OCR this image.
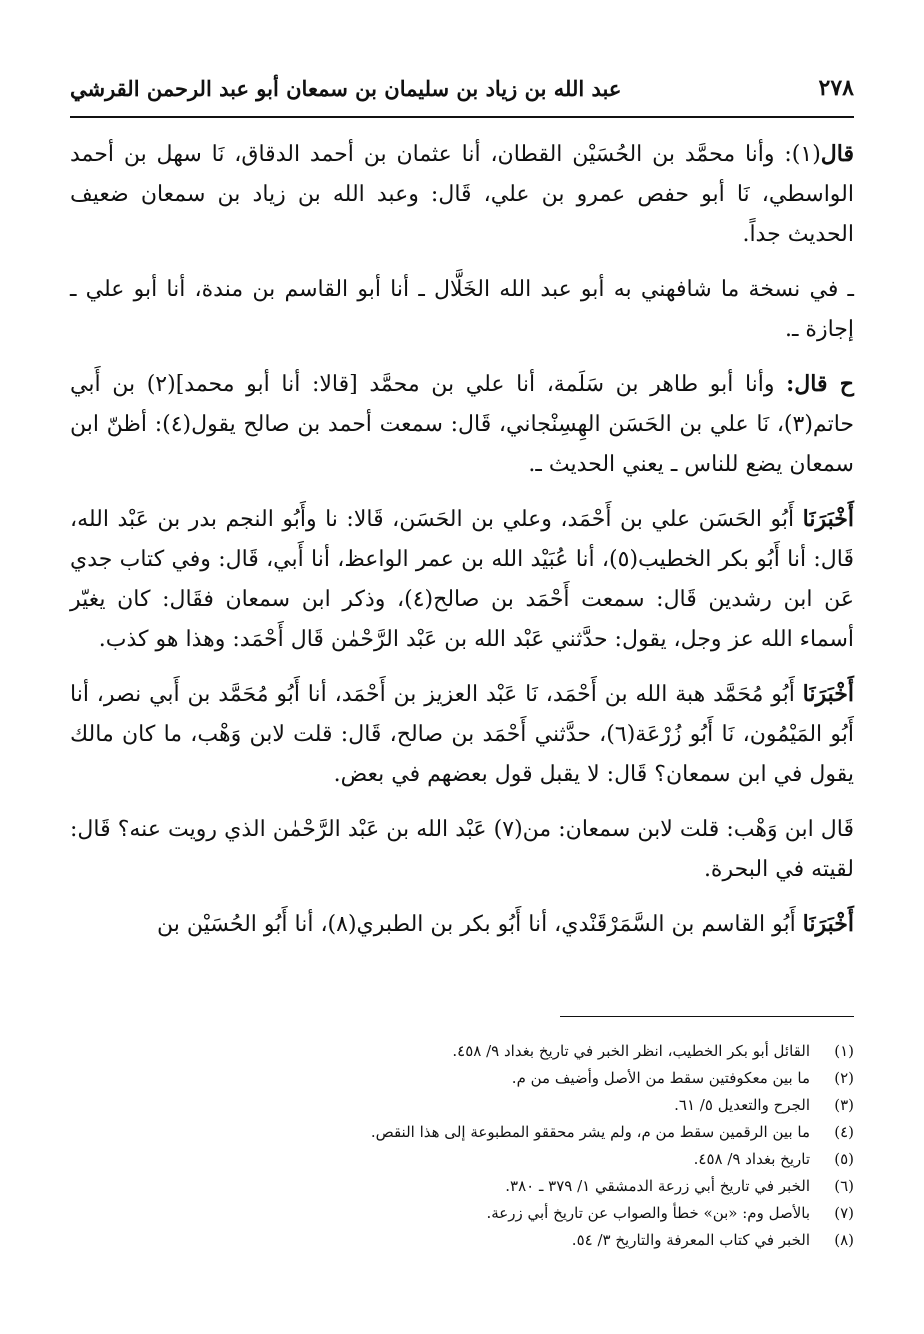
٢٧٨
عبد الله بن زياد بن سليمان بن سمعان أبو عبد الرحمن القرشي

قال(١): وأنا محمَّد بن الحُسَيْن القطان، أنا عثمان بن أحمد الدقاق، نَا سهل بن أحمد الواسطي، نَا أبو حفص عمرو بن علي، قَال: وعبد الله بن زياد بن سمعان ضعيف الحديث جداً.

ـ في نسخة ما شافهني به أبو عبد الله الخَلَّال ـ أنا أبو القاسم بن مندة، أنا أبو علي ـ إجازة ـ.

ح قال: وأنا أبو طاهر بن سَلَمة، أنا علي بن محمَّد [قالا: أنا أبو محمد](٢) بن أَبي حاتم(٣)، نَا علي بن الحَسَن الهِسِنْجاني، قَال: سمعت أحمد بن صالح يقول(٤): أظنّ ابن سمعان يضع للناس ـ يعني الحديث ـ.

أَخْبَرَنَا أَبُو الحَسَن علي بن أَحْمَد، وعلي بن الحَسَن، قَالا: نا وأَبُو النجم بدر بن عَبْد الله، قَال: أنا أَبُو بكر الخطيب(٥)، أنا عُبَيْد الله بن عمر الواعظ، أنا أَبي، قَال: وفي كتاب جدي عَن ابن رشدين قَال: سمعت أَحْمَد بن صالح(٤)، وذكر ابن سمعان فقَال: كان يغيّر أسماء الله عز وجل، يقول: حدَّثني عَبْد الله بن عَبْد الرَّحْمٰن قَال أَحْمَد: وهذا هو كذب.

أَخْبَرَنَا أَبُو مُحَمَّد هبة الله بن أَحْمَد، نَا عَبْد العزيز بن أَحْمَد، أنا أَبُو مُحَمَّد بن أَبي نصر، أنا أَبُو المَيْمُون، نَا أَبُو زُرْعَة(٦)، حدَّثني أَحْمَد بن صالح، قَال: قلت لابن وَهْب، ما كان مالك يقول في ابن سمعان؟ قَال: لا يقبل قول بعضهم في بعض.

قَال ابن وَهْب: قلت لابن سمعان: من(٧) عَبْد الله بن عَبْد الرَّحْمٰن الذي رويت عنه؟ قَال: لقيته في البحرة.

أَخْبَرَنَا أَبُو القاسم بن السَّمَرْقَنْدي، أنا أَبُو بكر بن الطبري(٨)، أنا أَبُو الحُسَيْن بن

(١)
القائل أبو بكر الخطيب، انظر الخبر في تاريخ بغداد ٩/ ٤٥٨.
(٢)
ما بين معكوفتين سقط من الأصل وأضيف من م.
(٣)
الجرح والتعديل ٥/ ٦١.
(٤)
ما بين الرقمين سقط من م، ولم يشر محققو المطبوعة إلى هذا النقص.
(٥)
تاريخ بغداد ٩/ ٤٥٨.
(٦)
الخبر في تاريخ أبي زرعة الدمشقي ١/ ٣٧٩ ـ ٣٨٠.
(٧)
بالأصل وم: «بن» خطأ والصواب عن تاريخ أبي زرعة.
(٨)
الخبر في كتاب المعرفة والتاريخ ٣/ ٥٤.
